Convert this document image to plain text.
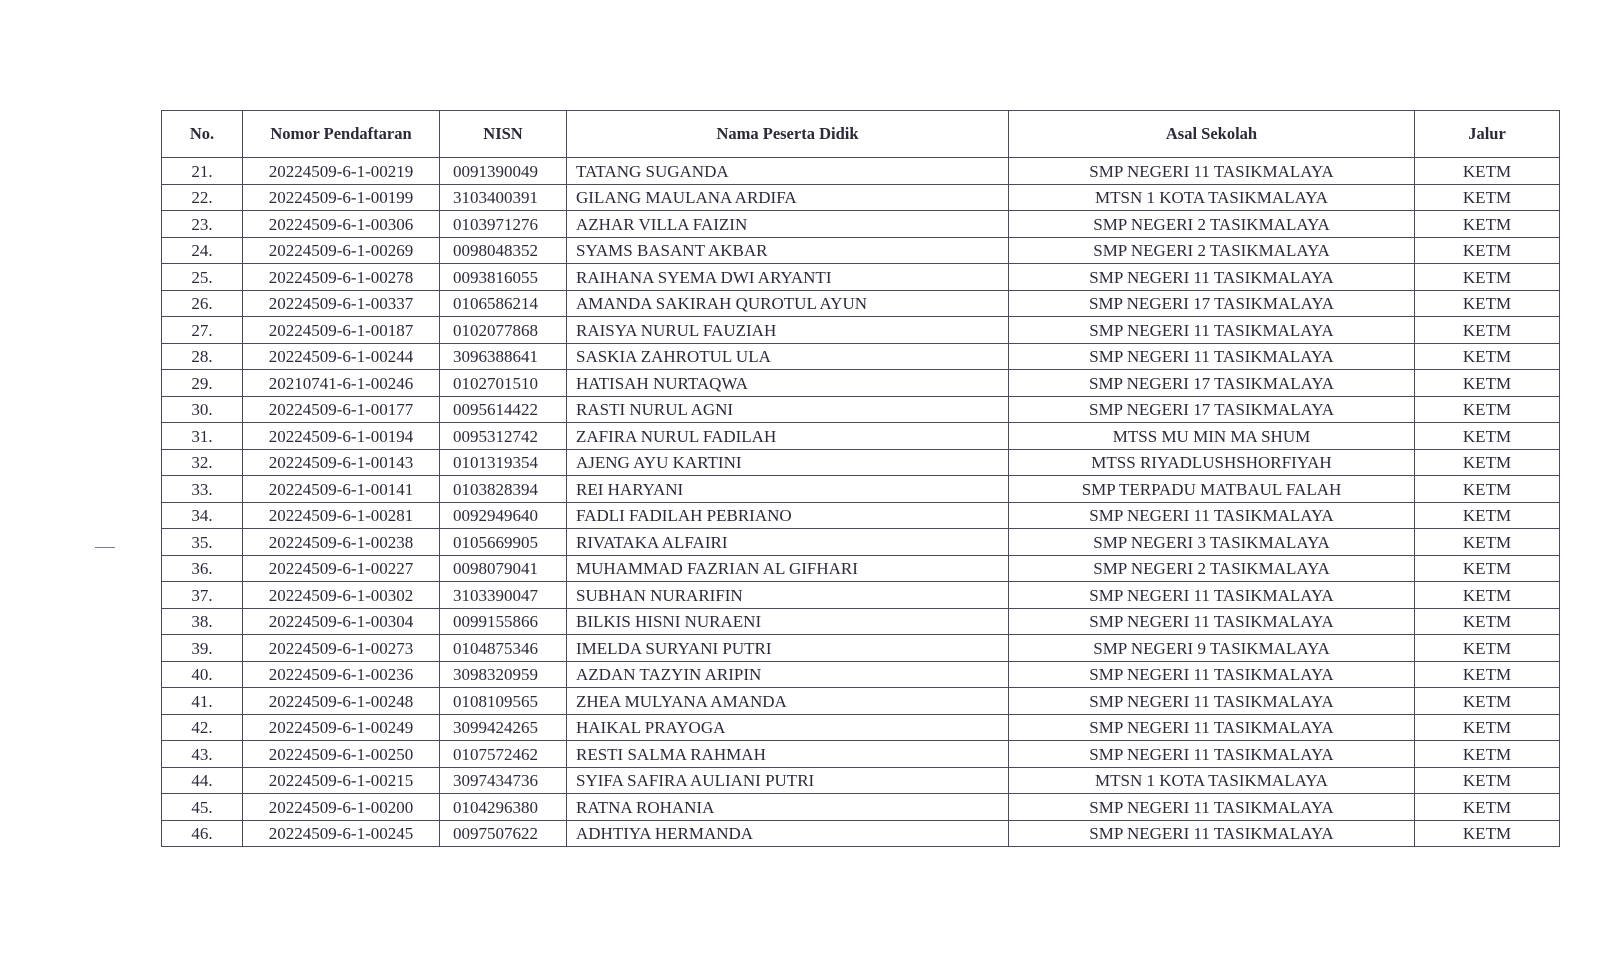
No.	Nomor Pendaftaran	NISN	Nama Peserta Didik	Asal Sekolah	Jalur
21.	20224509-6-1-00219	0091390049	TATANG SUGANDA	SMP NEGERI 11 TASIKMALAYA	KETM
22.	20224509-6-1-00199	3103400391	GILANG MAULANA ARDIFA	MTSN 1 KOTA TASIKMALAYA	KETM
23.	20224509-6-1-00306	0103971276	AZHAR VILLA FAIZIN	SMP NEGERI 2 TASIKMALAYA	KETM
24.	20224509-6-1-00269	0098048352	SYAMS BASANT AKBAR	SMP NEGERI 2 TASIKMALAYA	KETM
25.	20224509-6-1-00278	0093816055	RAIHANA SYEMA DWI ARYANTI	SMP NEGERI 11 TASIKMALAYA	KETM
26.	20224509-6-1-00337	0106586214	AMANDA SAKIRAH QUROTUL AYUN	SMP NEGERI 17 TASIKMALAYA	KETM
27.	20224509-6-1-00187	0102077868	RAISYA NURUL FAUZIAH	SMP NEGERI 11 TASIKMALAYA	KETM
28.	20224509-6-1-00244	3096388641	SASKIA ZAHROTUL ULA	SMP NEGERI 11 TASIKMALAYA	KETM
29.	20210741-6-1-00246	0102701510	HATISAH NURTAQWA	SMP NEGERI 17 TASIKMALAYA	KETM
30.	20224509-6-1-00177	0095614422	RASTI NURUL AGNI	SMP NEGERI 17 TASIKMALAYA	KETM
31.	20224509-6-1-00194	0095312742	ZAFIRA NURUL FADILAH	MTSS MU MIN MA SHUM	KETM
32.	20224509-6-1-00143	0101319354	AJENG AYU KARTINI	MTSS RIYADLUSHSHORFIYAH	KETM
33.	20224509-6-1-00141	0103828394	REI HARYANI	SMP TERPADU MATBAUL FALAH	KETM
34.	20224509-6-1-00281	0092949640	FADLI FADILAH PEBRIANO	SMP NEGERI 11 TASIKMALAYA	KETM
35.	20224509-6-1-00238	0105669905	RIVATAKA ALFAIRI	SMP NEGERI 3 TASIKMALAYA	KETM
36.	20224509-6-1-00227	0098079041	MUHAMMAD FAZRIAN AL GIFHARI	SMP NEGERI 2 TASIKMALAYA	KETM
37.	20224509-6-1-00302	3103390047	SUBHAN NURARIFIN	SMP NEGERI 11 TASIKMALAYA	KETM
38.	20224509-6-1-00304	0099155866	BILKIS HISNI NURAENI	SMP NEGERI 11 TASIKMALAYA	KETM
39.	20224509-6-1-00273	0104875346	IMELDA SURYANI PUTRI	SMP NEGERI 9 TASIKMALAYA	KETM
40.	20224509-6-1-00236	3098320959	AZDAN TAZYIN ARIPIN	SMP NEGERI 11 TASIKMALAYA	KETM
41.	20224509-6-1-00248	0108109565	ZHEA MULYANA AMANDA	SMP NEGERI 11 TASIKMALAYA	KETM
42.	20224509-6-1-00249	3099424265	HAIKAL PRAYOGA	SMP NEGERI 11 TASIKMALAYA	KETM
43.	20224509-6-1-00250	0107572462	RESTI SALMA RAHMAH	SMP NEGERI 11 TASIKMALAYA	KETM
44.	20224509-6-1-00215	3097434736	SYIFA SAFIRA AULIANI PUTRI	MTSN 1 KOTA TASIKMALAYA	KETM
45.	20224509-6-1-00200	0104296380	RATNA ROHANIA	SMP NEGERI 11 TASIKMALAYA	KETM
46.	20224509-6-1-00245	0097507622	ADHTIYA HERMANDA	SMP NEGERI 11 TASIKMALAYA	KETM
